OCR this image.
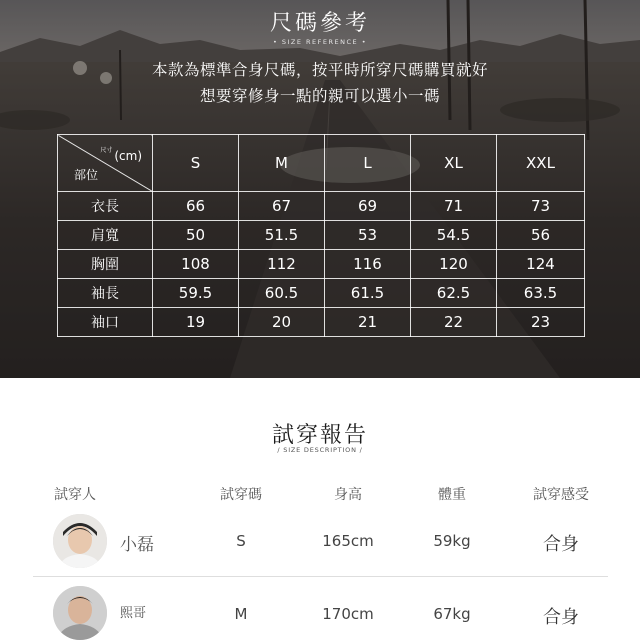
尺碼參考
• SIZE REFERENCE •
本款為標準合身尺碼，按平時所穿尺碼購買就好
想要穿修身一點的親可以選小一碼
$^{尺寸}$ (cm)
部位	S	M	L	XL	XXL
衣長	66	67	69	71	73
肩寬	50	51.5	53	54.5	56
胸圍	108	112	116	120	124
袖長	59.5	60.5	61.5	62.5	63.5
袖口	19	20	21	22	23
試穿報告
/ SIZE DESCRIPTION /
試穿人	試穿碼	身高	體重	試穿感受
小磊	S	165cm	59kg	合身
熙哥	M	170cm	67kg	合身
